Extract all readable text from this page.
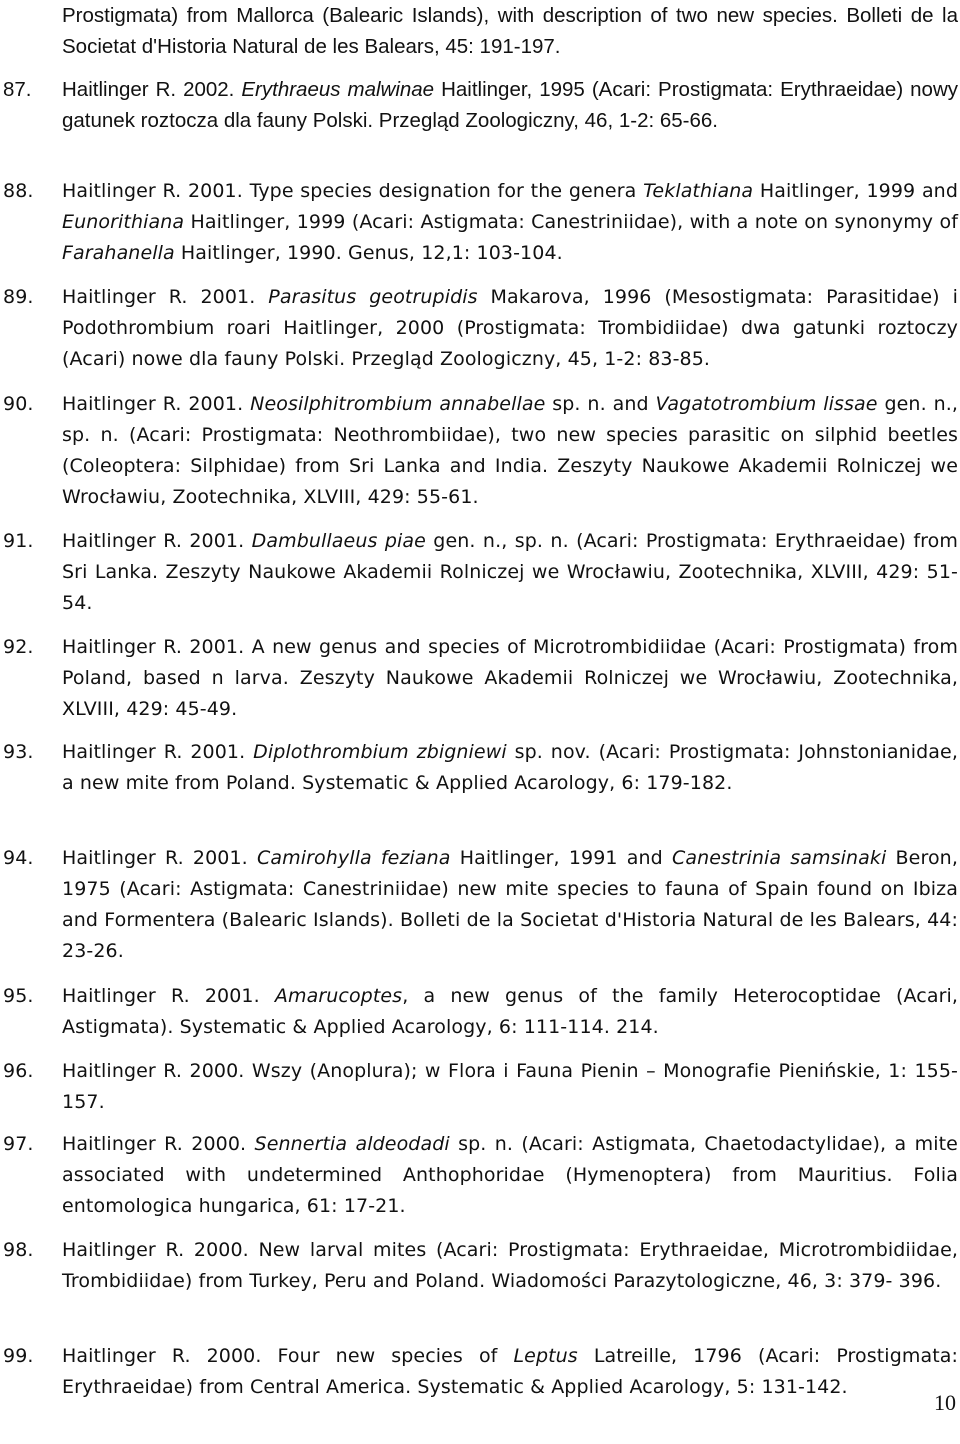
Prostigmata) from Mallorca (Balearic Islands), with description of two new species. Bolleti de la Societat d'Historia Natural de les Balears, 45: 191-197.
87. Haitlinger R. 2002. Erythraeus malwinae Haitlinger, 1995 (Acari: Prostigmata: Erythraeidae) nowy gatunek roztocza dla fauny Polski. Przegląd Zoologiczny, 46, 1-2: 65-66.
88. Haitlinger R. 2001. Type species designation for the genera Teklathiana Haitlinger, 1999 and Eunorithiana Haitlinger, 1999 (Acari: Astigmata: Canestriniidae), with a note on synonymy of Farahanella Haitlinger, 1990. Genus, 12,1: 103-104.
89. Haitlinger R. 2001. Parasitus geotrupidis Makarova, 1996 (Mesostigmata: Parasitidae) i Podothrombium roari Haitlinger, 2000 (Prostigmata: Trombidiidae) dwa gatunki roztoczy (Acari) nowe dla fauny Polski. Przegląd Zoologiczny, 45, 1-2: 83-85.
90. Haitlinger R. 2001. Neosilphitrombium annabellae sp. n. and Vagatotrombium lissae gen. n., sp. n. (Acari: Prostigmata: Neothrombiidae), two new species parasitic on silphid beetles (Coleoptera: Silphidae) from Sri Lanka and India. Zeszyty Naukowe Akademii Rolniczej we Wrocławiu, Zootechnika, XLVIII, 429: 55-61.
91. Haitlinger R. 2001. Dambullaeus piae gen. n., sp. n. (Acari: Prostigmata: Erythraeidae) from Sri Lanka. Zeszyty Naukowe Akademii Rolniczej we Wrocławiu, Zootechnika, XLVIII, 429: 51-54.
92. Haitlinger R. 2001. A new genus and species of Microtrombidiidae (Acari: Prostigmata) from Poland, based n larva. Zeszyty Naukowe Akademii Rolniczej we Wrocławiu, Zootechnika, XLVIII, 429: 45-49.
93. Haitlinger R. 2001. Diplothrombium zbigniewi sp. nov. (Acari: Prostigmata: Johnstonianidae, a new mite from Poland. Systematic & Applied Acarology, 6: 179-182.
94. Haitlinger R. 2001. Camirohylla feziana Haitlinger, 1991 and Canestrinia samsinaki Beron, 1975 (Acari: Astigmata: Canestriniidae) new mite species to fauna of Spain found on Ibiza and Formentera (Balearic Islands). Bolleti de la Societat d'Historia Natural de les Balears, 44: 23-26.
95. Haitlinger R. 2001. Amarucoptes, a new genus of the family Heterocoptidae (Acari, Astigmata). Systematic & Applied Acarology, 6: 111-114. 214.
96. Haitlinger R. 2000. Wszy (Anoplura); w Flora i Fauna Pienin – Monografie Pienińskie, 1: 155-157.
97. Haitlinger R. 2000. Sennertia aldeodadi sp. n. (Acari: Astigmata, Chaetodactylidae), a mite associated with undetermined Anthophoridae (Hymenoptera) from Mauritius. Folia entomologica hungarica, 61: 17-21.
98. Haitlinger R. 2000. New larval mites (Acari: Prostigmata: Erythraeidae, Microtrombidiidae, Trombidiidae) from Turkey, Peru and Poland. Wiadomości Parazytologiczne, 46, 3: 379- 396.
99. Haitlinger R. 2000. Four new species of Leptus Latreille, 1796 (Acari: Prostigmata: Erythraeidae) from Central America. Systematic & Applied Acarology, 5: 131-142.
10
